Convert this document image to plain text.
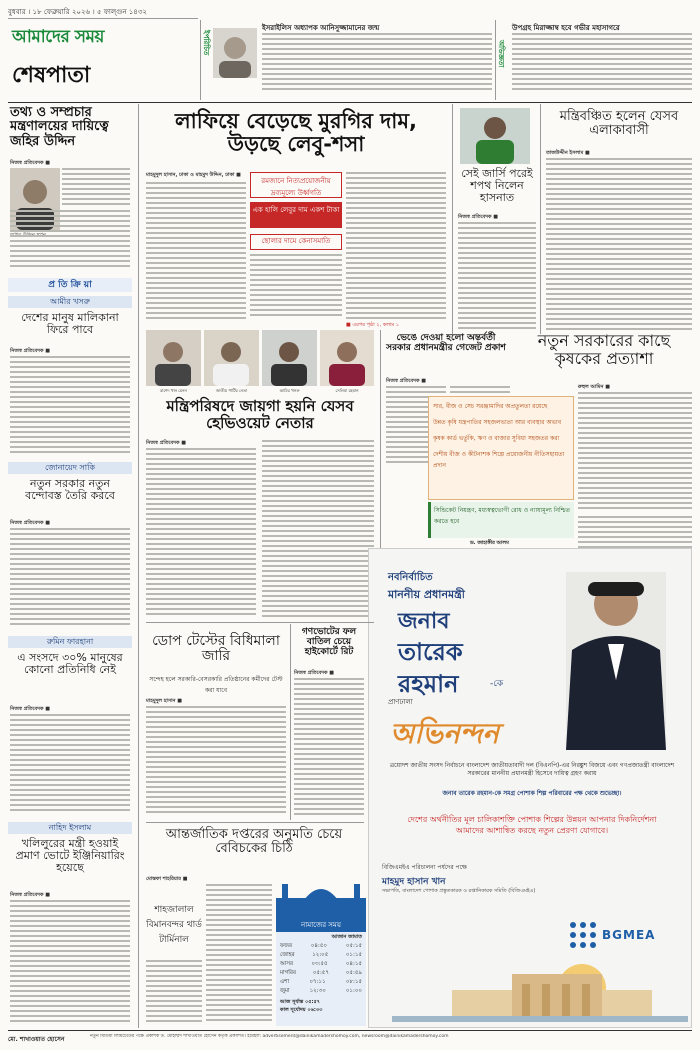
বুধবার । ১৮ ফেব্রুয়ারি ২০২৬ । ৫ ফাল্গুন ১৪৩২
আমাদের সময়
শেষপাতা
ইপরিচিত
ইসরাইলিস অধ্যাপক আনিসুজ্জামানের জন্ম
অভিজ্ঞতা
উপগ্রহ মিরাজ্জাম্ব হবে গভীর মহাসাগরে
তথ্য ও সম্প্রচার মন্ত্রণালয়ের দায়িত্বে জহির উদ্দিন
নিজস্ব প্রতিবেদক ■
প্র তি ক্রি য়া
আমীর খসরু
দেশের মানুষ মালিকানা ফিরে পাবে
নিজস্ব প্রতিবেদক ■
জোনায়েদ সাকি
নতুন সরকার নতুন বন্দোবস্ত তৈরি করবে
নিজস্ব প্রতিবেদক ■
রুমিন ফারহানা
এ সংসদে ৩০% মানুষের কোনো প্রতিনিধি নেই
নিজস্ব প্রতিবেদক ■
নাহিদ ইসলাম
খলিলুরের মন্ত্রী হওয়াই প্রমাণ ভোটে ইঞ্জিনিয়ারিং হয়েছে
নিজস্ব প্রতিবেদক ■
লাফিয়ে বেড়েছে মুরগির দাম, উড়ছে লেবু-শসা
মাহমুদুল হাসান, ঢাকা ও মাহমুদ উদ্দিন, ঢাকা ■
রমজানে নিত্যপ্রয়োজনীয় দ্রব্যমূল্যে উর্ধ্বগতি
এক হালি লেবুর দাম একশ টাকা
ছোলার দামে কেনাসমাতি
■ এরপর পৃষ্ঠা ২, কলাম ১
সেই জার্সি পরেই শপথ নিলেন হাসনাত
নিজস্ব প্রতিবেদক ■
মন্ত্রিবঞ্চিত হলেন যেসব এলাকাবাসী
তাজউদ্দীন ইসলাম ■
রাশেদ খান মেনন	জাতীয় পার্টির নেতা	আমির খসরু	সেলিমা রহমান
মন্ত্রিপরিষদে জায়গা হয়নি যেসব হেভিওয়েট নেতার
নিজস্ব প্রতিবেদক ■
ভেঙে দেওয়া হলো অন্তর্বর্তী সরকার প্রধানমন্ত্রীর গেজেট প্রকাশ
নিজস্ব প্রতিবেদক ■
নতুন সরকারের কাছে কৃষকের প্রত্যাশা
রুহুল আমিন ■
সার, বীজ ও সেচ সরঞ্জামাদির অপ্রতুলতা রয়েছে
উন্নত কৃষি যন্ত্রপাতির সহজলভ্যতা আর ব্যবস্থার অভাব
কৃষক কার্ড ভর্তুকি, ঋণ ও বাজার সুবিধা সহজতর করা
দেশীয় বীজ ও কীটনাশক শিল্পে প্রয়োজনীয় নীতিসহায়তা প্রদান
সিন্ডিকেট নিয়ন্ত্রণ, মধ্যস্বত্বভোগী রোধ ও ন্যায্যমূল্য নিশ্চিত করতে হবে
ড. জাহাঙ্গীর আলম
নবনির্বাচিত
মাননীয় প্রধানমন্ত্রী
জনাব
তারেক
রহমান	-কে
প্রাণঢালা
অভিনন্দন
ত্রয়োদশ জাতীয় সংসদ নির্বাচনে বাংলাদেশ জাতীয়তাবাদী দল (বিএনপি)-এর নিরঙ্কুশ বিজয়ে এবং গণপ্রজাতন্ত্রী বাংলাদেশ সরকারের মাননীয় প্রধানমন্ত্রী হিসেবে দায়িত্ব গ্রহণ করায়
জনাব তারেক রহমান-কে সমগ্র পোশাক শিল্প পরিবারের পক্ষ থেকে শুভেচ্ছা।
দেশের অর্থনীতির মূল চালিকাশক্তি পোশাক শিল্পের উন্নয়ন আপনার দিকনির্দেশনা আমাদের আশান্বিত করছে নতুন প্রেরণা যোগাবে।
বিজিএমইএ পরিচালনা পর্ষদের পক্ষে
মাহমুদ হাসান খান
সভাপতি, বাংলাদেশ পোশাক প্রস্তুতকারক ও রপ্তানিকারক সমিতি (বিজিএমইএ)
BGMEA
ডোপ টেস্টের বিধিমালা জারি
সন্দেহ হলে সরকারি-বেসরকারি প্রতিষ্ঠানের কর্মীদের টেস্ট করা যাবে
মাহমুদুল হাসান ■
গণভোটের ফল বাতিল চেয়ে হাইকোর্টে রিট
নিজস্ব প্রতিবেদক ■
আন্তর্জাতিক দপ্তরের অনুমতি চেয়ে বেবিচকের চিঠি
মোস্তফা শাহরিয়ার ■
শাহজালাল বিমানবন্দর থার্ড টার্মিনাল
নামাজের সময়
আজান জামাত
ফজর	০৪:৫০	০৫:১৫
জোহর	১২:০৫	০১:১৫
আসর	০৩:৫৫	০৪:১৫
মাগরিব	০৫:৫৭	০৫:৫৯
এশা	০৭:১১	০৮:১৫
জুমা	১২:৩০	০১:০০
আজ সূর্যাস্ত ০৫:৫৭
কাল সূর্যোদয় ০৬:৩৩
মো. শাখাওয়াত হোসেন	নতুন মিডিয়া লিমিটেডের পক্ষে প্রকাশক ড. মোহাম্মদ শাখাওয়াত হোসেন কর্তৃক প্রকাশিত। ইমেইল: advertisement@dainikamadershomoy.com, newsroom@dainikamadershomoy.com
